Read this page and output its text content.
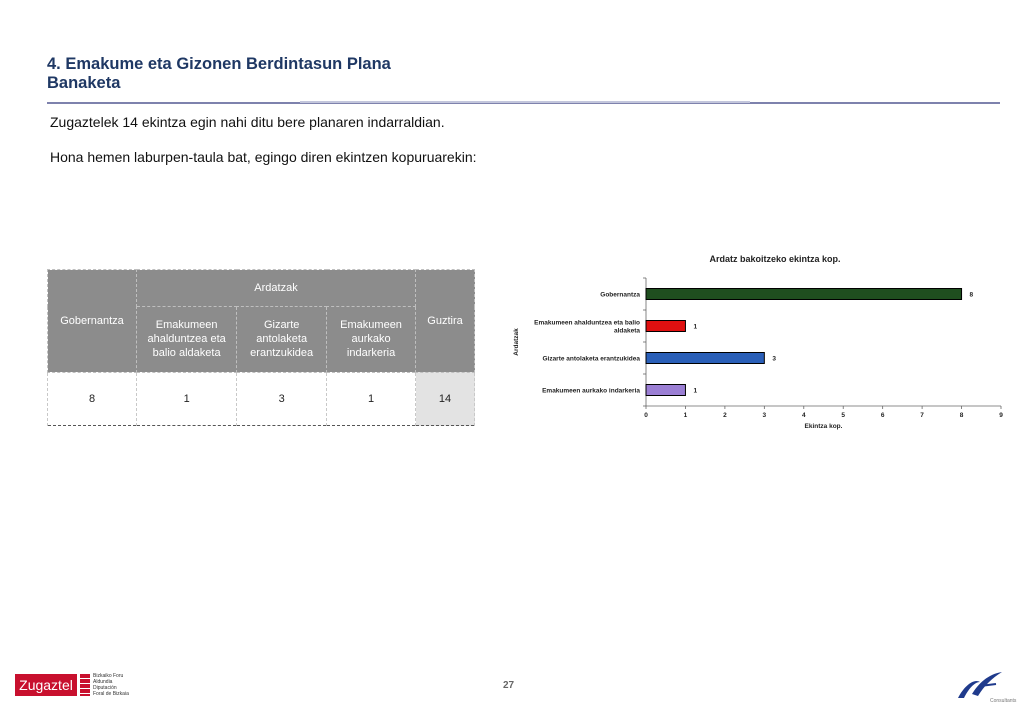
4. Emakume eta Gizonen Berdintasun Plana
Banaketa
Zugaztelek 14 ekintza egin nahi ditu bere planaren indarraldian.
Hona hemen laburpen-taula bat, egingo diren ekintzen kopuruarekin:
Gobernantza	Ardatzak			Guztira
	Emakumeen ahalduntzea eta balio aldaketa	Gizarte antolaketa erantzukidea	Emakumeen aurkako indarkeria	
8	1	3	1	14
Ardatz bakoitzeko ekintza kop.
0	1	2	3	4	5	6	7	8	9
Ekintza kop.
Ardatzak
8
Gobernantza
1
Emakumeen ahalduntzea eta balio
aldaketa
3
Gizarte antolaketa erantzukidea
1
Emakumeen aurkako indarkeria
Zugaztel
Bizkaiko Foru
Aldundia
Diputación
Foral de Bizkaia
27
Consultants
